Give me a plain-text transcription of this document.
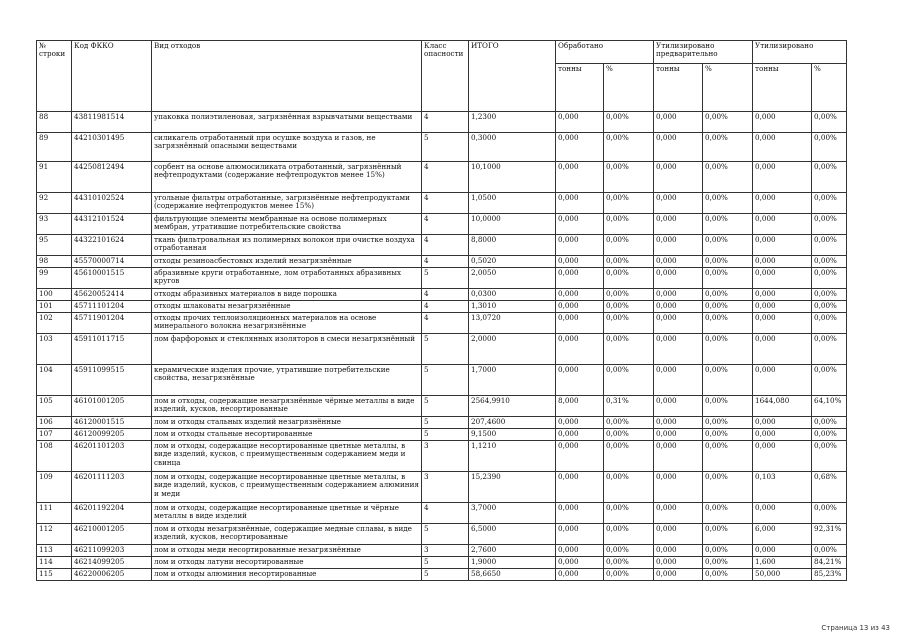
№ строки	Код ФККО	Вид отходов	Класс опасности	ИТОГО	Обработано		Утилизировано предварительно		Утилизировано	
					тонны	%	тонны	%	тонны	%
88	43811981514	упаковка полиэтиленовая, загрязнённая взрывчатыми веществами	4	1,2300	0,000	0,00%	0,000	0,00%	0,000	0,00%
89	44210301495	силикагель отработанный при осушке воздуха и газов, не загрязнённый опасными веществами	5	0,3000	0,000	0,00%	0,000	0,00%	0,000	0,00%
91	44250812494	сорбент на основе алюмосиликата отработанный, загрязнённый нефтепродуктами (содержание нефтепродуктов менее 15%)	4	10,1000	0,000	0,00%	0,000	0,00%	0,000	0,00%
92	44310102524	угольные фильтры отработанные, загрязнённые нефтепродуктами (содержание нефтепродуктов менее 15%)	4	1,0500	0,000	0,00%	0,000	0,00%	0,000	0,00%
93	44312101524	фильтрующие элементы мембранные на основе полимерных мембран, утратившие потребительские свойства	4	10,0000	0,000	0,00%	0,000	0,00%	0,000	0,00%
95	44322101624	ткань фильтровальная из полимерных волокон при очистке воздуха отработанная	4	8,8000	0,000	0,00%	0,000	0,00%	0,000	0,00%
98	45570000714	отходы резиноасбестовых изделий незагрязнённые	4	0,5020	0,000	0,00%	0,000	0,00%	0,000	0,00%
99	45610001515	абразивные круги отработанные, лом отработанных абразивных кругов	5	2,0050	0,000	0,00%	0,000	0,00%	0,000	0,00%
100	45620052414	отходы абразивных материалов в виде порошка	4	0,0300	0,000	0,00%	0,000	0,00%	0,000	0,00%
101	45711101204	отходы шлаковаты незагрязнённые	4	1,3010	0,000	0,00%	0,000	0,00%	0,000	0,00%
102	45711901204	отходы прочих теплоизоляционных материалов на основе минерального волокна незагрязнённые	4	13,0720	0,000	0,00%	0,000	0,00%	0,000	0,00%
103	45911011715	лом фарфоровых и стеклянных изоляторов в смеси незагрязнённый	5	2,0000	0,000	0,00%	0,000	0,00%	0,000	0,00%
104	45911099515	керамические изделия прочие, утратившие потребительские свойства, незагрязнённые	5	1,7000	0,000	0,00%	0,000	0,00%	0,000	0,00%
105	46101001205	лом и отходы, содержащие незагрязнённые чёрные металлы в виде изделий, кусков, несортированные	5	2564,9910	8,000	0,31%	0,000	0,00%	1644,080	64,10%
106	46120001515	лом и отходы стальных изделий незагрязнённые	5	207,4600	0,000	0,00%	0,000	0,00%	0,000	0,00%
107	46120099205	лом и отходы стальные несортированные	5	9,1500	0,000	0,00%	0,000	0,00%	0,000	0,00%
108	46201101203	лом и отходы, содержащие несортированные цветные металлы, в виде изделий, кусков, с преимущественным содержанием меди и свинца	3	1,1210	0,000	0,00%	0,000	0,00%	0,000	0,00%
109	46201111203	лом и отходы, содержащие несортированные цветные металлы, в виде изделий, кусков, с преимущественным содержанием алюминия и меди	3	15,2390	0,000	0,00%	0,000	0,00%	0,103	0,68%
111	46201192204	лом и отходы, содержащие несортированные цветные и чёрные металлы в виде изделий	4	3,7000	0,000	0,00%	0,000	0,00%	0,000	0,00%
112	46210001205	лом и отходы незагрязнённые, содержащие медные сплавы, в виде изделий, кусков, несортированные	5	6,5000	0,000	0,00%	0,000	0,00%	6,000	92,31%
113	46211099203	лом и отходы меди несортированные незагрязнённые	3	2,7600	0,000	0,00%	0,000	0,00%	0,000	0,00%
114	46214099205	лом и отходы латуни несортированные	5	1,9000	0,000	0,00%	0,000	0,00%	1,600	84,21%
115	46220006205	лом и отходы алюминия несортированные	5	58,6650	0,000	0,00%	0,000	0,00%	50,000	85,23%
Страница 13 из 43
